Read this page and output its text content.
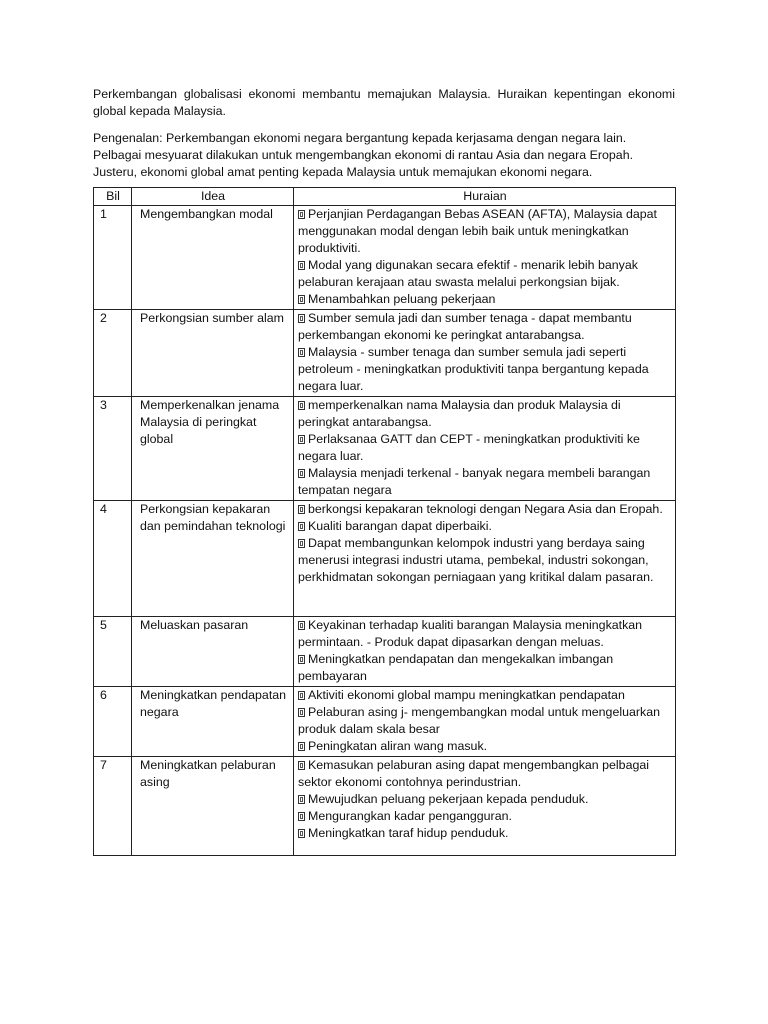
Perkembangan globalisasi ekonomi membantu memajukan Malaysia. Huraikan kepentingan ekonomi global kepada Malaysia.

Pengenalan: Perkembangan ekonomi negara bergantung kepada kerjasama dengan negara lain. Pelbagai mesyuarat dilakukan untuk mengembangkan ekonomi di rantau Asia dan negara Eropah. Justeru, ekonomi global amat penting kepada Malaysia untuk memajukan ekonomi negara.

Bil	Idea	Huraian
1	Mengembangkan modal	Perjanjian Perdagangan Bebas ASEAN (AFTA), Malaysia dapat menggunakan modal dengan lebih baik untuk meningkatkan produktiviti.
Modal yang digunakan secara efektif - menarik lebih banyak pelaburan kerajaan atau swasta melalui perkongsian bijak.
Menambahkan peluang pekerjaan

2	Perkongsian sumber alam	Sumber semula jadi dan sumber tenaga - dapat membantu perkembangan ekonomi ke peringkat antarabangsa.
Malaysia - sumber tenaga dan sumber semula jadi seperti petroleum - meningkatkan produktiviti tanpa bergantung kepada negara luar.

3	Memperkenalkan jenama Malaysia di peringkat global	memperkenalkan nama Malaysia dan produk Malaysia di peringkat antarabangsa.
Perlaksanaa GATT dan CEPT - meningkatkan produktiviti ke negara luar.
Malaysia menjadi terkenal - banyak negara membeli barangan tempatan negara

4	Perkongsian kepakaran dan pemindahan teknologi	berkongsi kepakaran teknologi dengan Negara Asia dan Eropah.
Kualiti barangan dapat diperbaiki.
Dapat membangunkan kelompok industri yang berdaya saing menerusi integrasi industri utama, pembekal, industri sokongan, perkhidmatan sokongan perniagaan yang kritikal dalam pasaran.

5	Meluaskan pasaran	Keyakinan terhadap kualiti barangan Malaysia meningkatkan permintaan. - Produk dapat dipasarkan dengan meluas.
Meningkatkan pendapatan dan mengekalkan imbangan pembayaran

6	Meningkatkan pendapatan negara	Aktiviti ekonomi global mampu meningkatkan pendapatan
Pelaburan asing j- mengembangkan modal untuk mengeluarkan produk dalam skala besar
Peningkatan aliran wang masuk.

7	Meningkatkan pelaburan asing	Kemasukan pelaburan asing dapat mengembangkan pelbagai sektor ekonomi contohnya perindustrian.
Mewujudkan peluang pekerjaan kepada penduduk.
Mengurangkan kadar pengangguran.
Meningkatkan taraf hidup penduduk.
